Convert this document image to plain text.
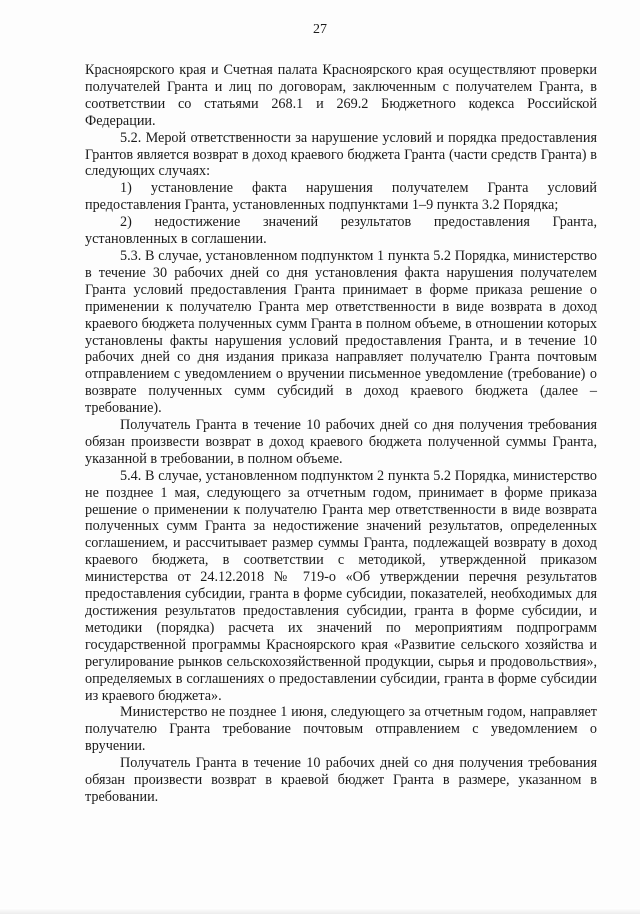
27

Красноярского края и Счетная палата Красноярского края осуществляют проверки получателей Гранта и лиц по договорам, заключенным с получателем Гранта, в соответствии со статьями 268.1 и 269.2 Бюджетного кодекса Российской Федерации.

5.2. Мерой ответственности за нарушение условий и порядка предоставления Грантов является возврат в доход краевого бюджета Гранта (части средств Гранта) в следующих случаях:

1) установление факта нарушения получателем Гранта условий предоставления Гранта, установленных подпунктами 1–9 пункта 3.2 Порядка;

2) недостижение значений результатов предоставления Гранта, установленных в соглашении.

5.3. В случае, установленном подпунктом 1 пункта 5.2 Порядка, министерство в течение 30 рабочих дней со дня установления факта нарушения получателем Гранта условий предоставления Гранта принимает в форме приказа решение о применении к получателю Гранта мер ответственности в виде возврата в доход краевого бюджета полученных сумм Гранта в полном объеме, в отношении которых установлены факты нарушения условий предоставления Гранта, и в течение 10 рабочих дней со дня издания приказа направляет получателю Гранта почтовым отправлением с уведомлением о вручении письменное уведомление (требование) о возврате полученных сумм субсидий в доход краевого бюджета (далее – требование).

Получатель Гранта в течение 10 рабочих дней со дня получения требования обязан произвести возврат в доход краевого бюджета полученной суммы Гранта, указанной в требовании, в полном объеме.

5.4. В случае, установленном подпунктом 2 пункта 5.2 Порядка, министерство не позднее 1 мая, следующего за отчетным годом, принимает в форме приказа решение о применении к получателю Гранта мер ответственности в виде возврата полученных сумм Гранта за недостижение значений результатов, определенных соглашением, и рассчитывает размер суммы Гранта, подлежащей возврату в доход краевого бюджета, в соответствии с методикой, утвержденной приказом министерства от 24.12.2018 № 719-о «Об утверждении перечня результатов предоставления субсидии, гранта в форме субсидии, показателей, необходимых для достижения результатов предоставления субсидии, гранта в форме субсидии, и методики (порядка) расчета их значений по мероприятиям подпрограмм государственной программы Красноярского края «Развитие сельского хозяйства и регулирование рынков сельскохозяйственной продукции, сырья и продовольствия», определяемых в соглашениях о предоставлении субсидии, гранта в форме субсидии из краевого бюджета».

Министерство не позднее 1 июня, следующего за отчетным годом, направляет получателю Гранта требование почтовым отправлением с уведомлением о вручении.

Получатель Гранта в течение 10 рабочих дней со дня получения требования обязан произвести возврат в краевой бюджет Гранта в размере, указанном в требовании.
